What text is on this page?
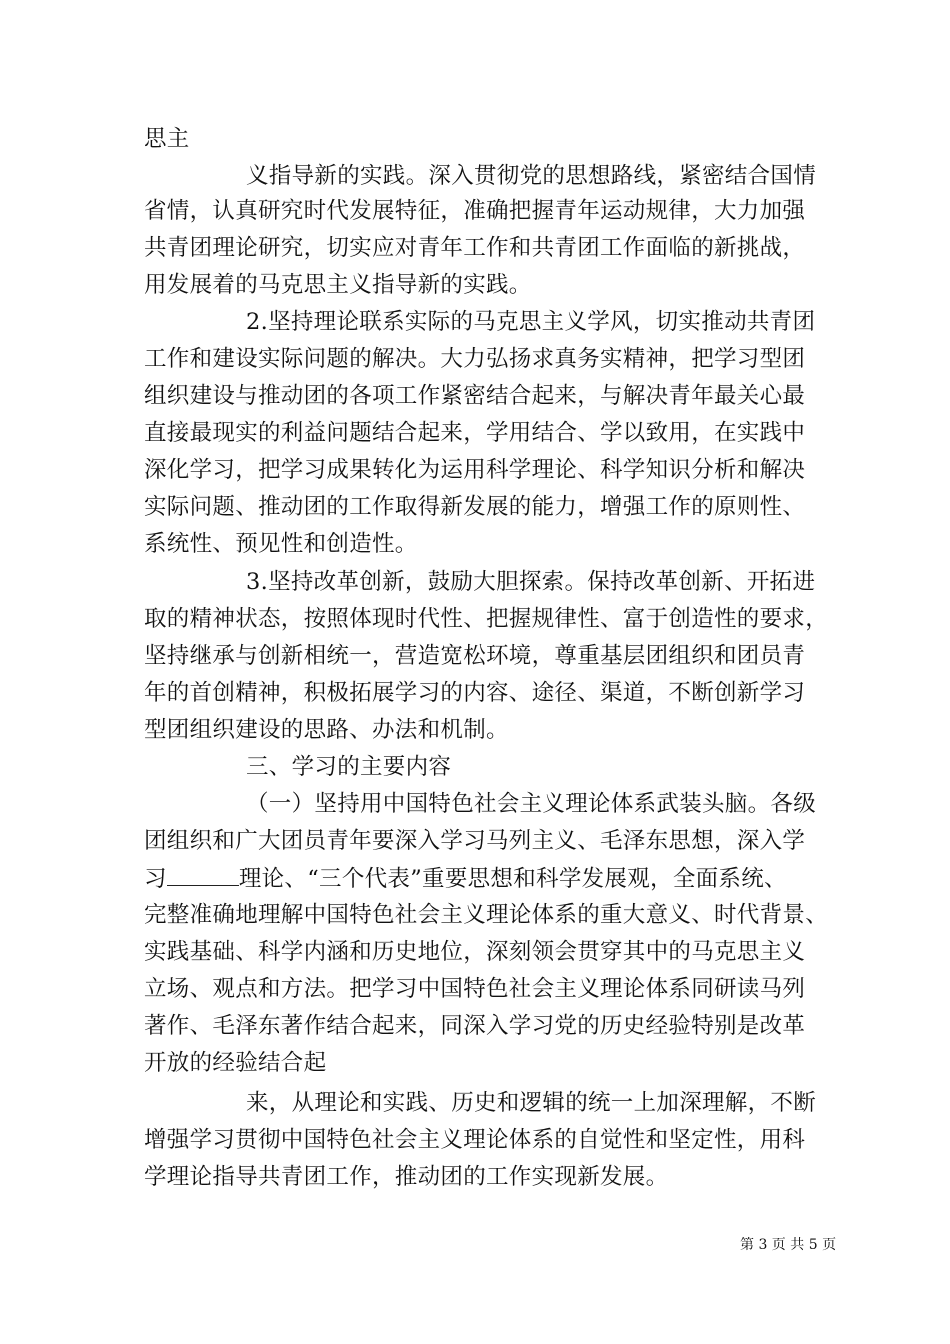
思主
义指导新的实践。深入贯彻党的思想路线，紧密结合国情
省情，认真研究时代发展特征，准确把握青年运动规律，大力加强
共青团理论研究，切实应对青年工作和共青团工作面临的新挑战，
用发展着的马克思主义指导新的实践。
2.坚持理论联系实际的马克思主义学风，切实推动共青团
工作和建设实际问题的解决。大力弘扬求真务实精神，把学习型团
组织建设与推动团的各项工作紧密结合起来，与解决青年最关心最
直接最现实的利益问题结合起来，学用结合、学以致用，在实践中
深化学习，把学习成果转化为运用科学理论、科学知识分析和解决
实际问题、推动团的工作取得新发展的能力，增强工作的原则性、
系统性、预见性和创造性。
3.坚持改革创新，鼓励大胆探索。保持改革创新、开拓进
取的精神状态，按照体现时代性、把握规律性、富于创造性的要求，
坚持继承与创新相统一，营造宽松环境，尊重基层团组织和团员青
年的首创精神，积极拓展学习的内容、途径、渠道，不断创新学习
型团组织建设的思路、办法和机制。
三、学习的主要内容
（一）坚持用中国特色社会主义理论体系武装头脑。各级
团组织和广大团员青年要深入学习马列主义、毛泽东思想，深入学
习	理论、“三个代表”重要思想和科学发展观，全面系统、
完整准确地理解中国特色社会主义理论体系的重大意义、时代背景、
实践基础、科学内涵和历史地位，深刻领会贯穿其中的马克思主义
立场、观点和方法。把学习中国特色社会主义理论体系同研读马列
著作、毛泽东著作结合起来，同深入学习党的历史经验特别是改革
开放的经验结合起
来，从理论和实践、历史和逻辑的统一上加深理解，不断
增强学习贯彻中国特色社会主义理论体系的自觉性和坚定性，用科
学理论指导共青团工作，推动团的工作实现新发展。
第 3 页 共 5 页
